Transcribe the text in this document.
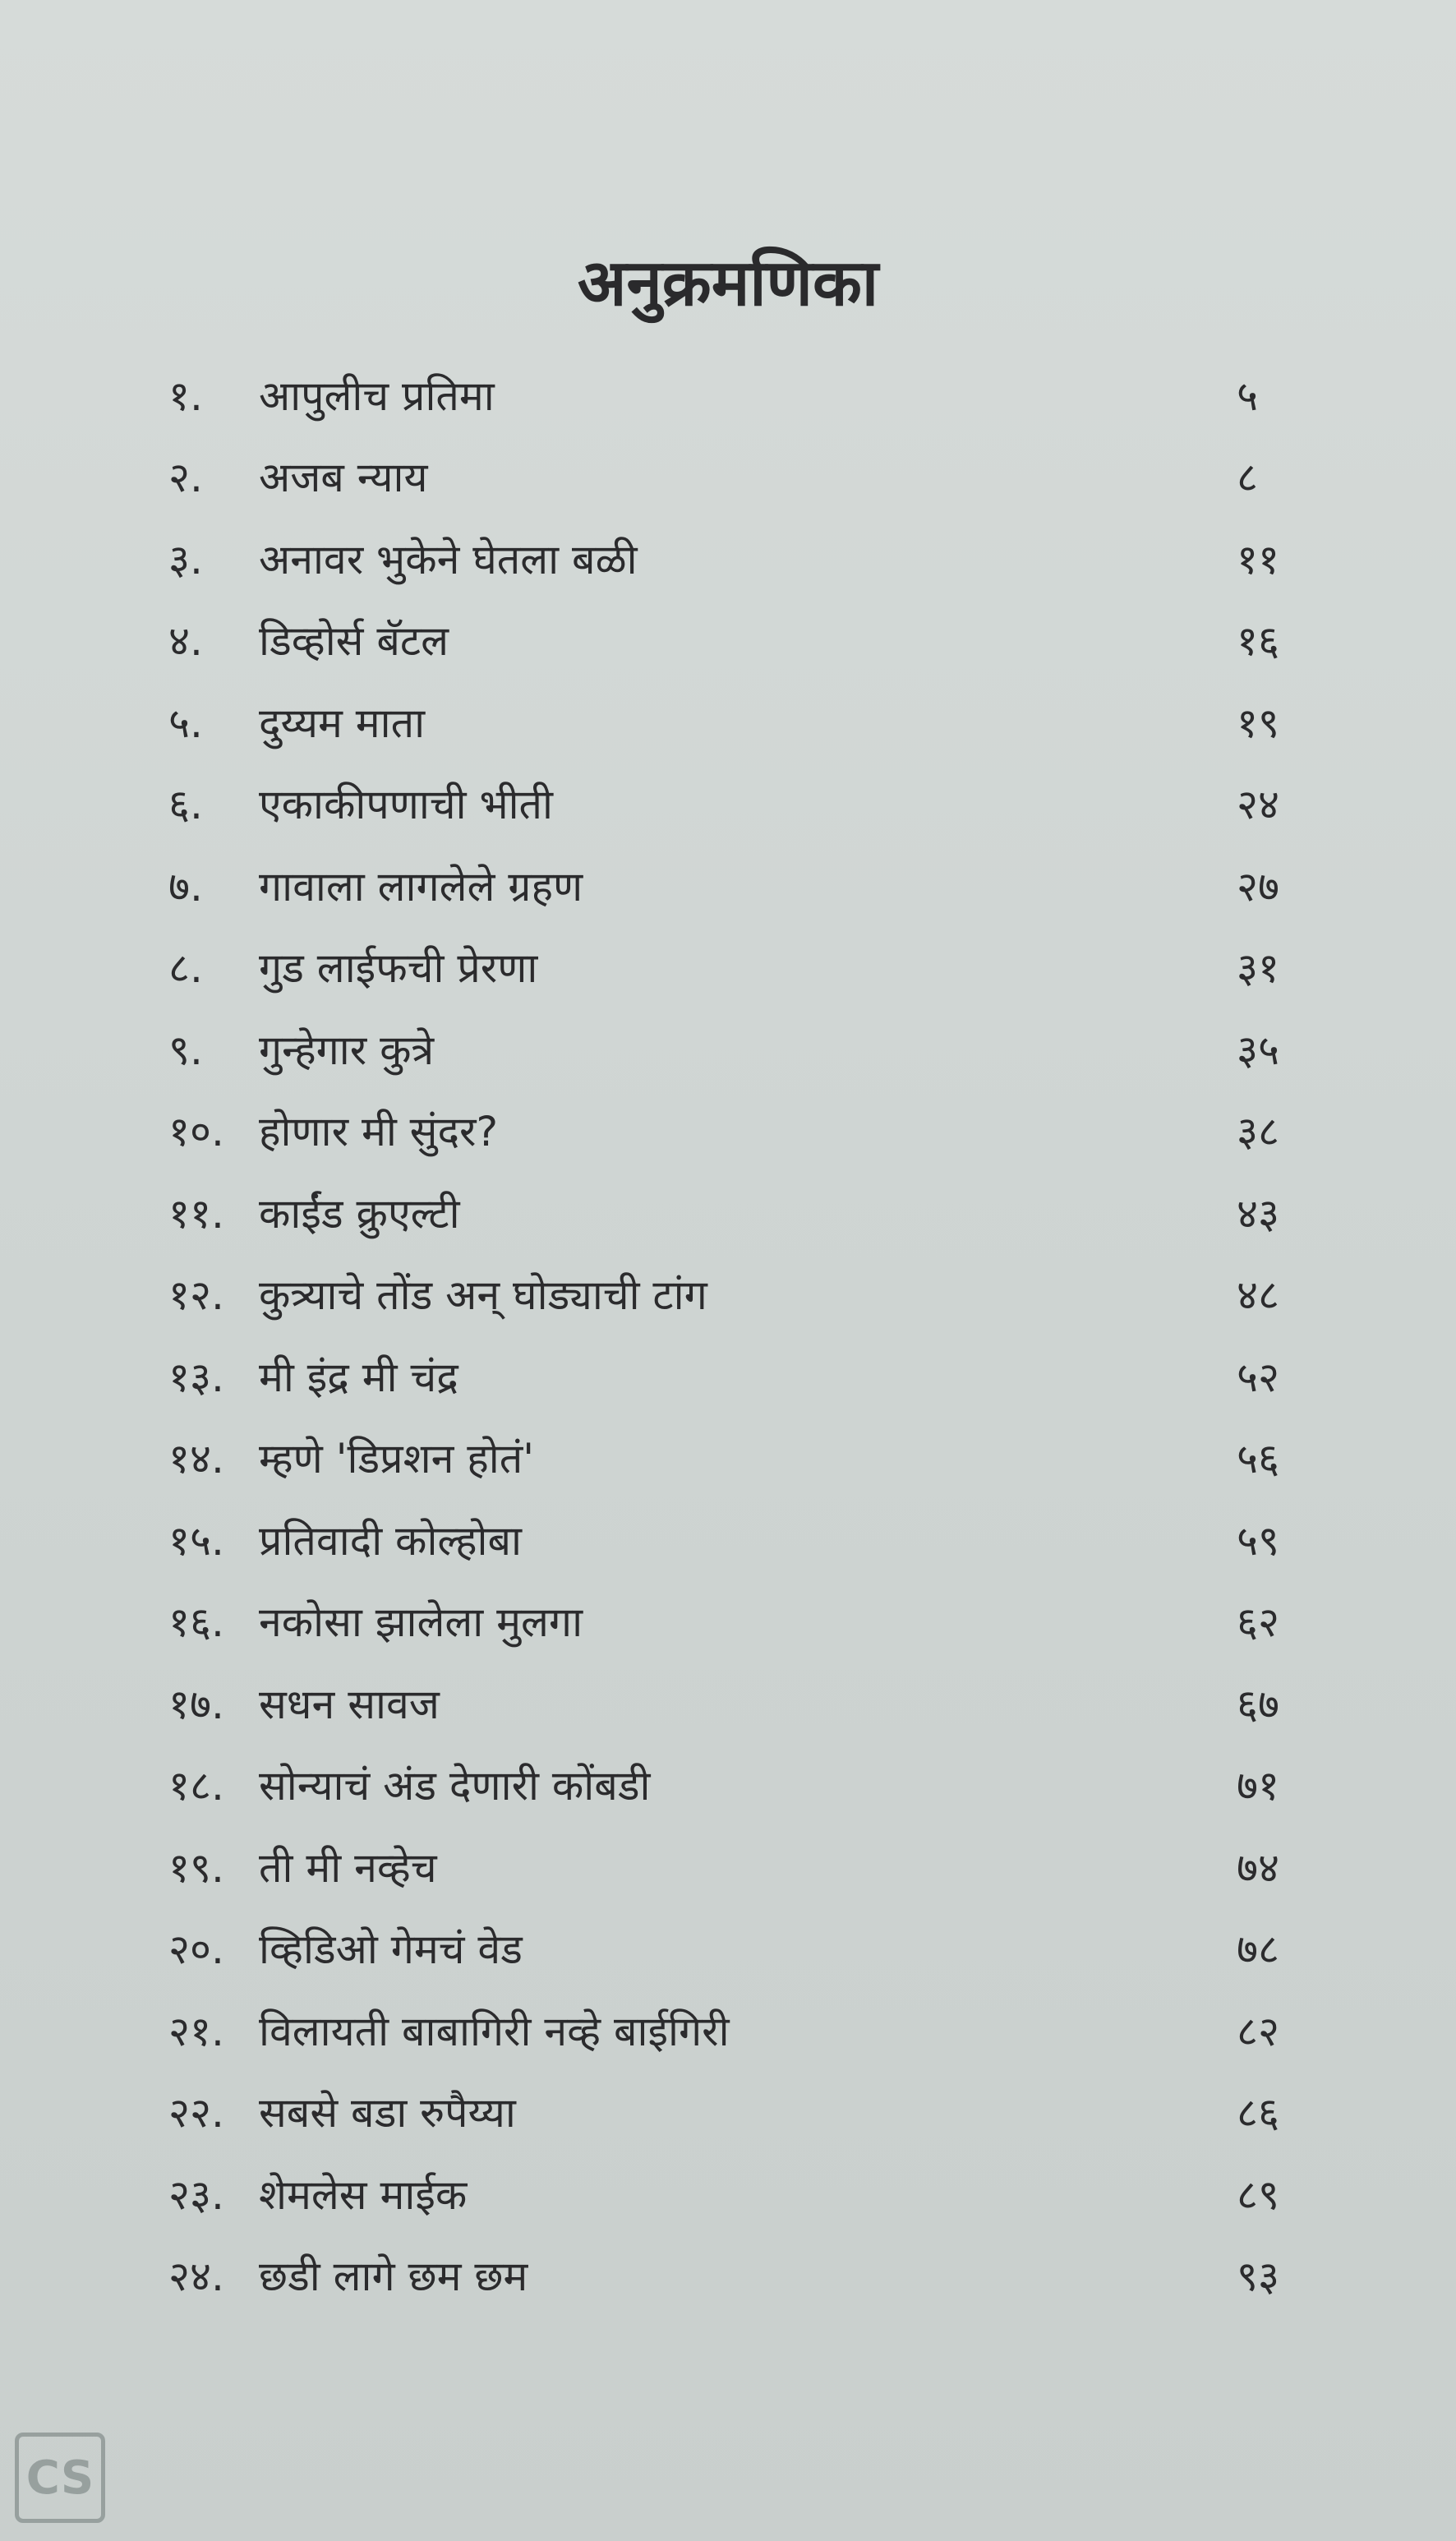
अनुक्रमणिका
१. आपुलीच प्रतिमा	५
२. अजब न्याय	८
३. अनावर भुकेने घेतला बळी	११
४. डिव्होर्स बॅटल	१६
५. दुय्यम माता	१९
६. एकाकीपणाची भीती	२४
७. गावाला लागलेले ग्रहण	२७
८. गुड लाईफची प्रेरणा	३१
९. गुन्हेगार कुत्रे	३५
१०. होणार मी सुंदर?	३८
११. काईंड क्रुएल्टी	४३
१२. कुत्र्याचे तोंड अन् घोड्याची टांग	४८
१३. मी इंद्र मी चंद्र	५२
१४. म्हणे 'डिप्रशन होतं'	५६
१५. प्रतिवादी कोल्होबा	५९
१६. नकोसा झालेला मुलगा	६२
१७. सधन सावज	६७
१८. सोन्याचं अंड देणारी कोंबडी	७१
१९. ती मी नव्हेच	७४
२०. व्हिडिओ गेमचं वेड	७८
२१. विलायती बाबागिरी नव्हे बाईगिरी	८२
२२. सबसे बडा रुपैय्या	८६
२३. शेमलेस माईक	८९
२४. छडी लागे छम छम	९३
CS
